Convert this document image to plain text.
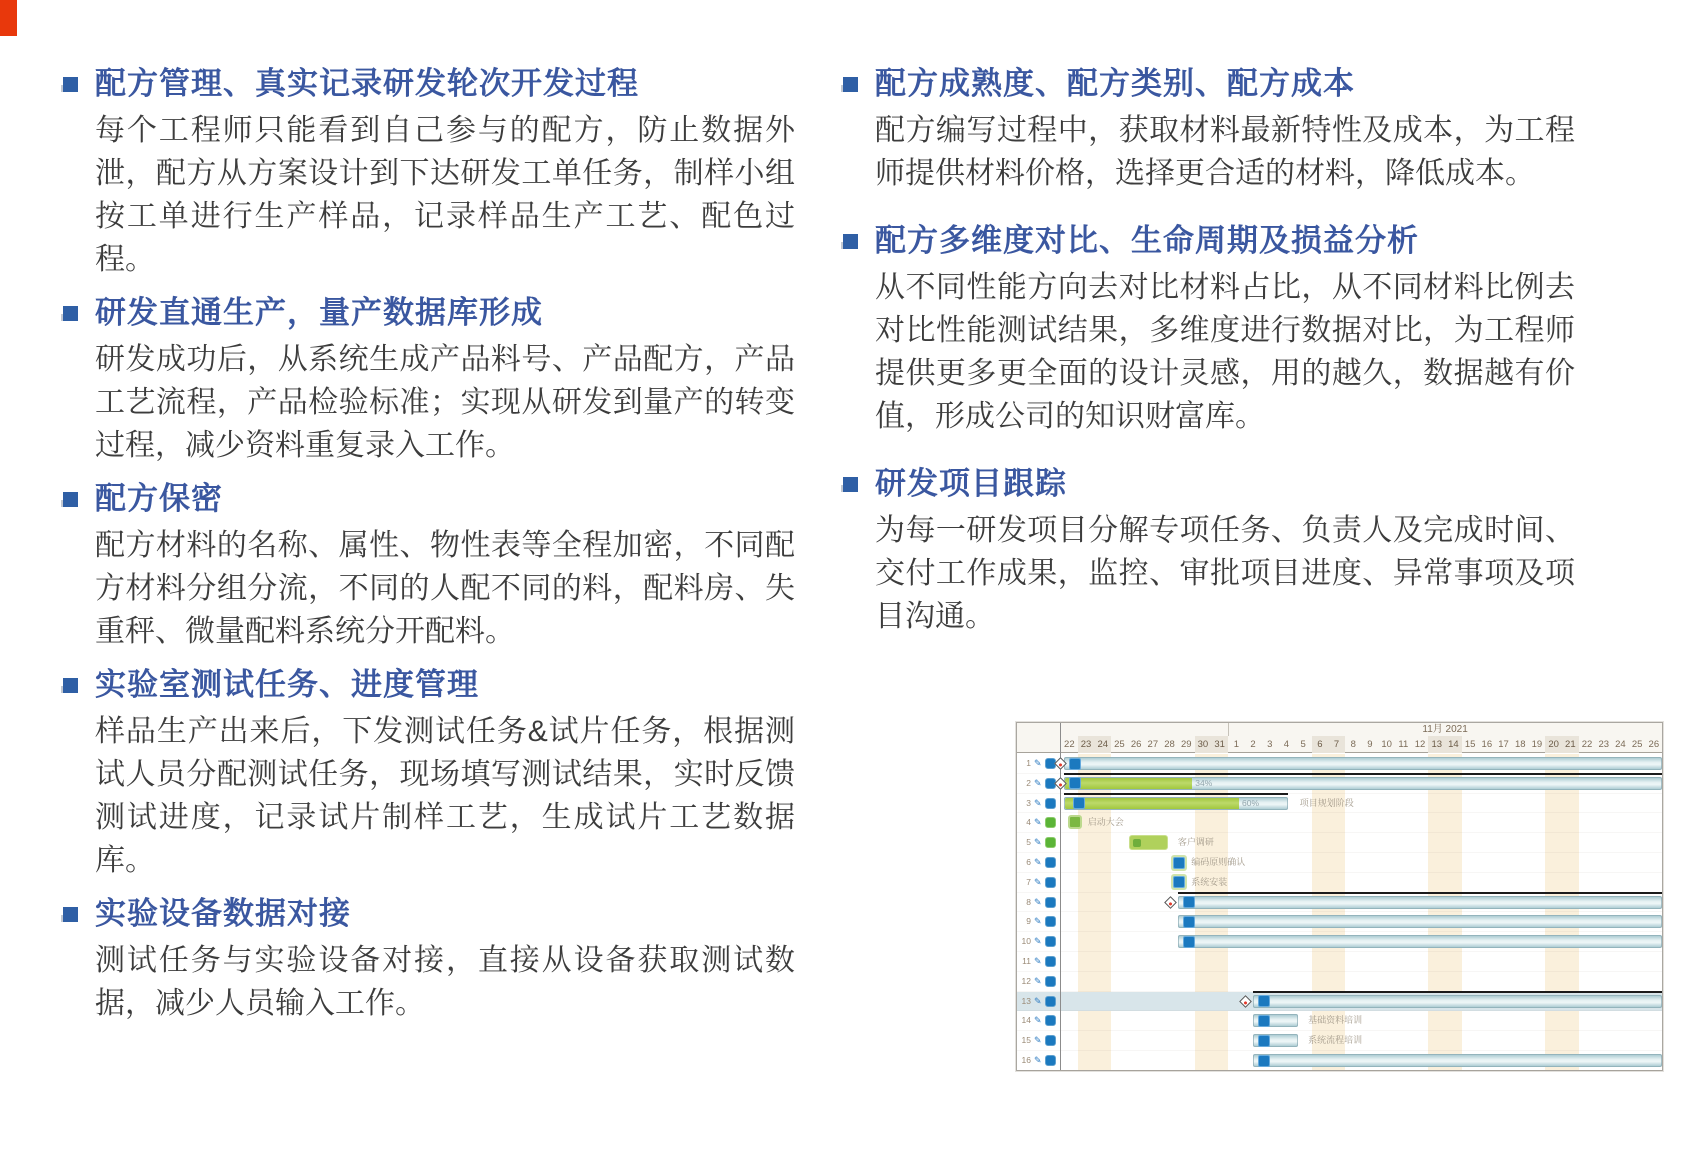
配方管理、真实记录研发轮次开发过程
每个工程师只能看到自己参与的配方，防止数据外
泄，配方从方案设计到下达研发工单任务，制样小组
按工单进行生产样品，记录样品生产工艺、配色过
程。
研发直通生产，量产数据库形成
研发成功后，从系统生成产品料号、产品配方，产品
工艺流程，产品检验标准；实现从研发到量产的转变
过程，减少资料重复录入工作。
配方保密
配方材料的名称、属性、物性表等全程加密，不同配
方材料分组分流，不同的人配不同的料，配料房、失
重秤、微量配料系统分开配料。
实验室测试任务、进度管理
样品生产出来后，下发测试任务&试片任务，根据测
试人员分配测试任务，现场填写测试结果，实时反馈
测试进度，记录试片制样工艺，生成试片工艺数据
库。
实验设备数据对接
测试任务与实验设备对接，直接从设备获取测试数
据，减少人员输入工作。
配方成熟度、配方类别、配方成本
配方编写过程中，获取材料最新特性及成本，为工程
师提供材料价格，选择更合适的材料，降低成本。
配方多维度对比、生命周期及损益分析
从不同性能方向去对比材料占比，从不同材料比例去
对比性能测试结果，多维度进行数据对比，为工程师
提供更多更全面的设计灵感，用的越久，数据越有价
值，形成公司的知识财富库。
研发项目跟踪
为每一研发项目分解专项任务、负责人及完成时间、
交付工作成果，监控、审批项目进度、异常事项及项
目沟通。
11月 2021
22 23 24 25 26 27 28 29 30 31 1	2	3	4	5	6	7	8	9 10 11 12 13 14 15 16 17 18 19 20 21 22 23 24 25 26
1 ✎
2 ✎	34%
3 ✎	60%	项目规划阶段
4 ✎	启动大会
5 ✎	客户调研
6 ✎	编码原则确认
7 ✎	系统安装
8 ✎
9 ✎
10 ✎
11 ✎
12 ✎
13 ✎
14 ✎	基础资料培训
15 ✎	系统流程培训
16 ✎
